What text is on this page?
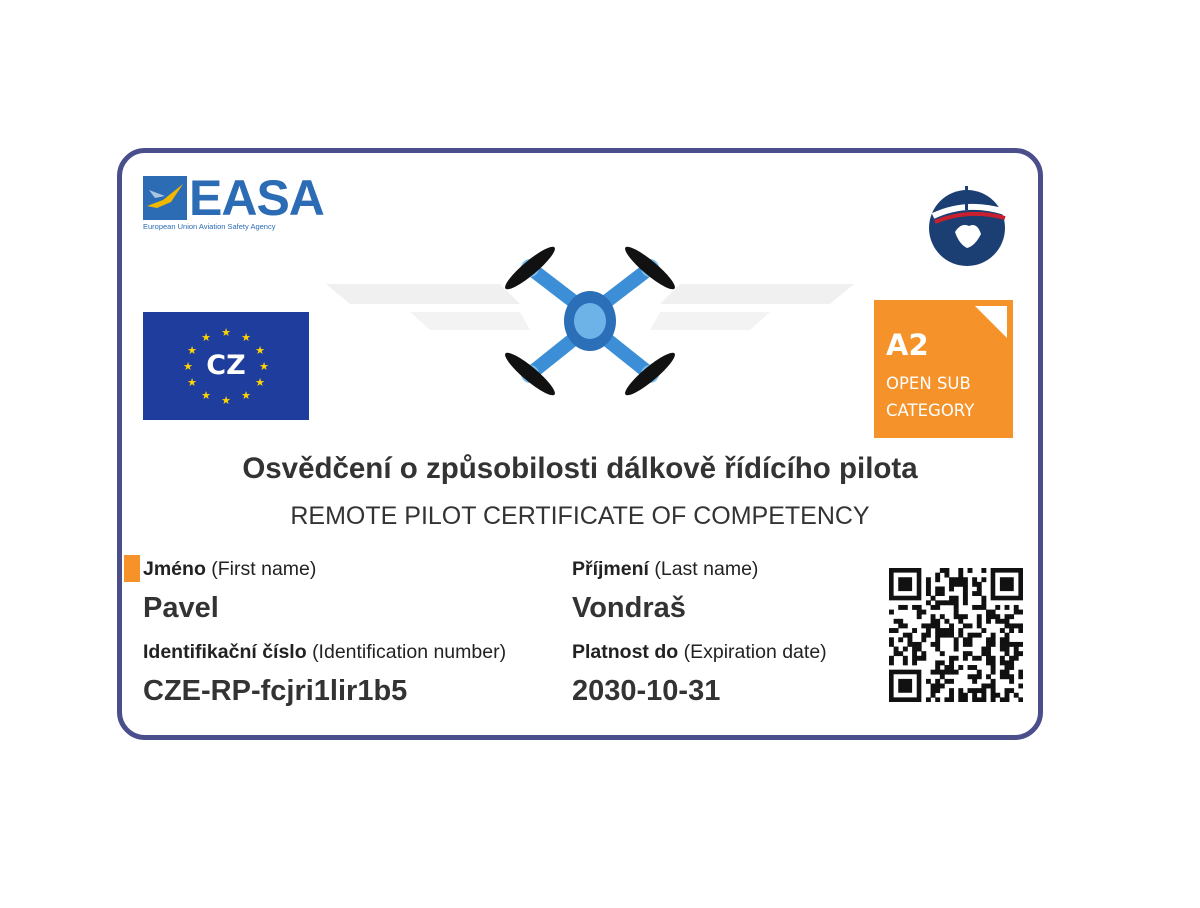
EASA
European Union Aviation Safety Agency
★ ★
★
★
★
★
★
★
★
★
★
★
CZ
A2
OPEN SUB
CATEGORY
Osvědčení o způsobilosti dálkově řídícího pilota
REMOTE PILOT CERTIFICATE OF COMPETENCY
Jméno (First name)
Pavel
Příjmení (Last name)
Vondraš
Identifikační číslo (Identification number)
CZE-RP-fcjri1lir1b5
Platnost do (Expiration date)
2030-10-31
